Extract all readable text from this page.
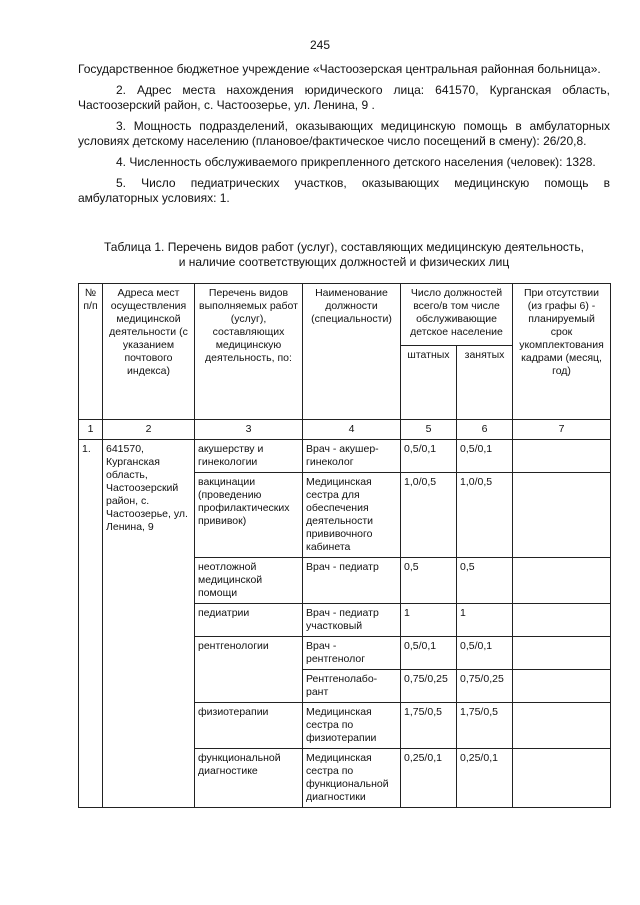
245

Государственное бюджетное учреждение «Частоозерская центральная районная больница».

2. Адрес места нахождения юридического лица: 641570, Курганская область, Частоозерский район, с. Частоозерье, ул. Ленина, 9 .

3. Мощность подразделений, оказывающих медицинскую помощь в амбулаторных условиях детскому населению (плановое/фактическое число посещений в смену): 26/20,8.

4. Численность обслуживаемого прикрепленного детского населения (человек): 1328.

5. Число педиатрических участков, оказывающих медицинскую помощь в амбулаторных условиях: 1.

Таблица 1. Перечень видов работ (услуг), составляющих медицинскую деятельность,
и наличие соответствующих должностей и физических лиц
№ п/п	Адреса мест осуществления медицинской деятельности (с указанием почтового индекса)	Перечень видов выполняемых работ (услуг), составляющих медицинскую деятельность, по:	Наименование должности (специальности)	Число должностей всего/в том числе обслуживающие детское население		При отсутствии (из графы 6) - планируемый срок укомплектования кадрами (месяц, год)
				штатных	занятых	
1	2	3	4	5	6	7
1.	641570, Курганская область, Частоозерский район, с. Частоозерье, ул. Ленина, 9	акушерству и гинекологии	Врач - акушер-гинеколог	0,5/0,1	0,5/0,1	
		вакцинации (проведению профилактических прививок)	Медицинская сестра для обеспечения деятельности прививочного кабинета	1,0/0,5	1,0/0,5	
		неотложной медицинской помощи	Врач - педиатр	0,5	0,5	
		педиатрии	Врач - педиатр участковый	1	1	
		рентгенологии	Врач - рентгенолог	0,5/0,1	0,5/0,1	
			Рентгенолабо-рант	0,75/0,25	0,75/0,25	
		физиотерапии	Медицинская сестра по физиотерапии	1,75/0,5	1,75/0,5	
		функциональной диагностике	Медицинская сестра по функциональной диагностики	0,25/0,1	0,25/0,1	
